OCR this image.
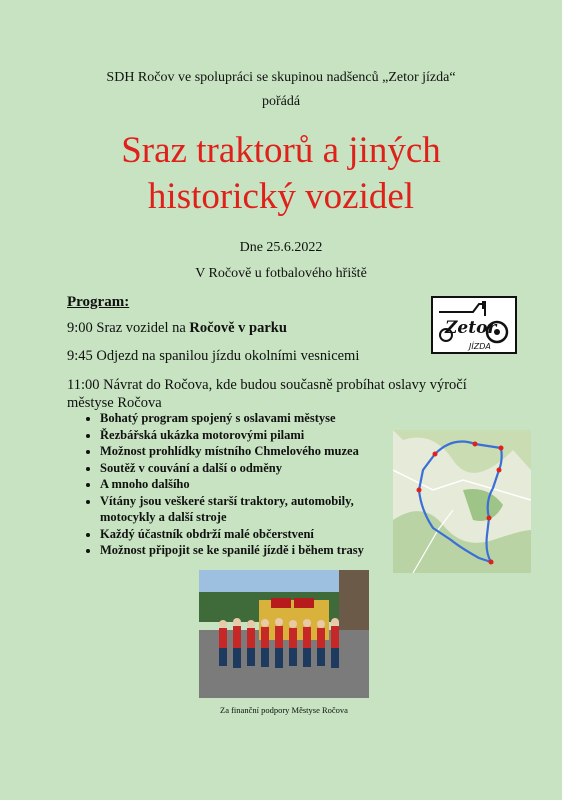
SDH Ročov ve spolupráci se skupinou nadšenců „Zetor jízda“
pořádá
Sraz traktorů a jiných
historický vozidel
Dne 25.6.2022
V Ročově u fotbalového hřiště
Program:
9:00 Sraz vozidel na Ročově v parku
9:45 Odjezd na spanilou jízdu okolními vesnicemi
11:00 Návrat do Ročova, kde budou současně probíhat oslavy výročí městyse Ročova
• Bohatý program spojený s oslavami městyse
• Řezbářská ukázka motorovými pilami
• Možnost prohlídky místního Chmelového muzea
• Soutěž v couvání a další o odměny
• A mnoho dalšího
• Vítány jsou veškeré starší traktory, automobily, motocykly a další stroje
• Každý účastník obdrží malé občerstvení
• Možnost připojit se ke spanilé jízdě i během trasy
Zetor
JÍZDA
Za finanční podpory Městyse Ročova
